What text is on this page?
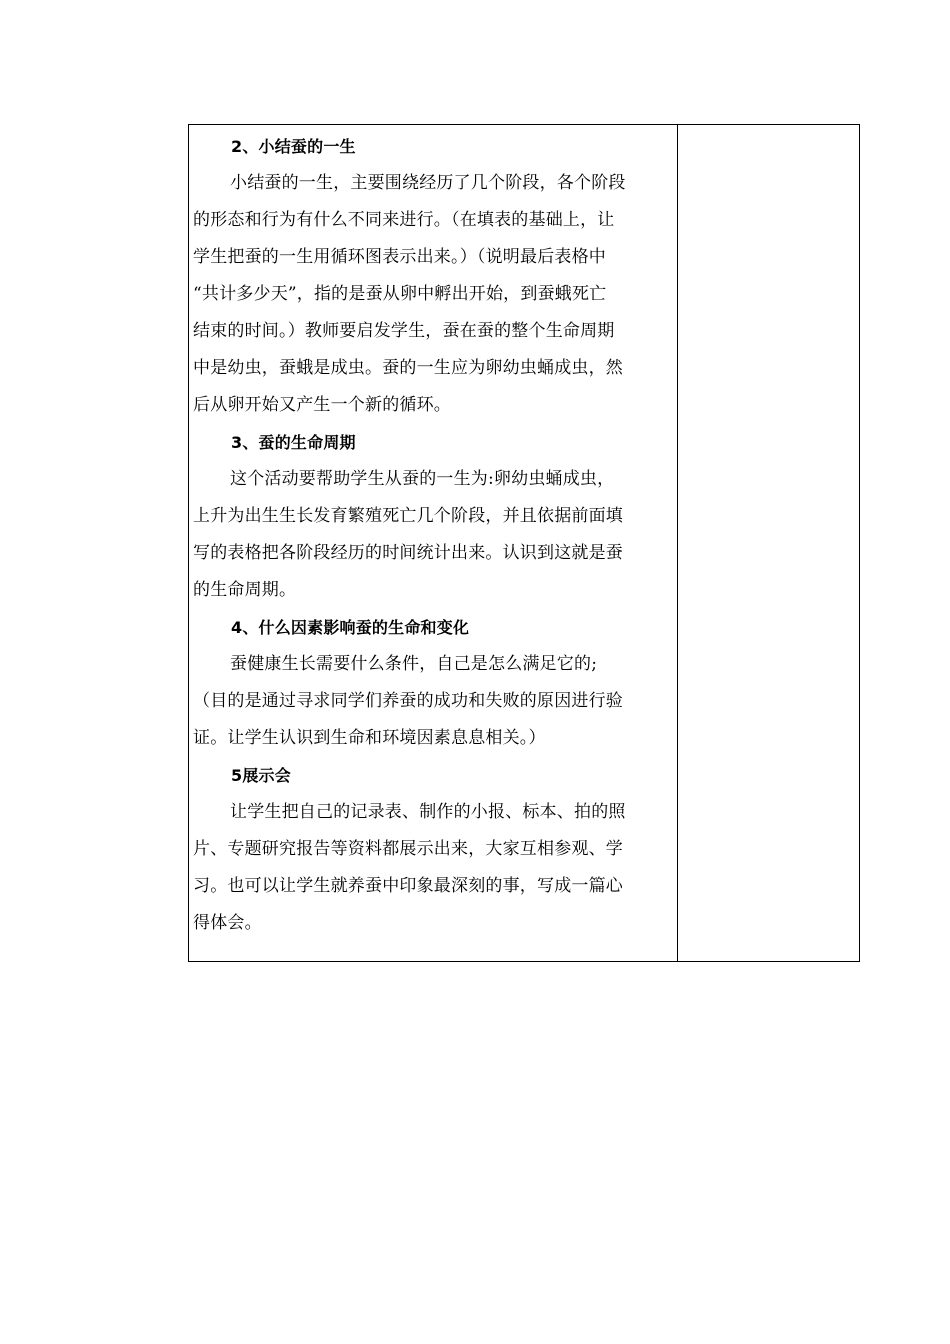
2、小结蚕的一生
小结蚕的一生，主要围绕经历了几个阶段，各个阶段
的形态和行为有什么不同来进行。（在填表的基础上，让
学生把蚕的一生用循环图表示出来。）（说明最后表格中
“共计多少天”，指的是蚕从卵中孵出开始，到蚕蛾死亡
结束的时间。）教师要启发学生，蚕在蚕的整个生命周期
中是幼虫，蚕蛾是成虫。蚕的一生应为卵幼虫蛹成虫，然
后从卵开始又产生一个新的循环。
3、蚕的生命周期
这个活动要帮助学生从蚕的一生为:卵幼虫蛹成虫，
上升为出生生长发育繁殖死亡几个阶段，并且依据前面填
写的表格把各阶段经历的时间统计出来。认识到这就是蚕
的生命周期。
4、什么因素影响蚕的生命和变化
蚕健康生长需要什么条件，自己是怎么满足它的;
（目的是通过寻求同学们养蚕的成功和失败的原因进行验
证。让学生认识到生命和环境因素息息相关。）
5展示会
让学生把自己的记录表、制作的小报、标本、拍的照
片、专题研究报告等资料都展示出来，大家互相参观、学
习。也可以让学生就养蚕中印象最深刻的事，写成一篇心
得体会。
